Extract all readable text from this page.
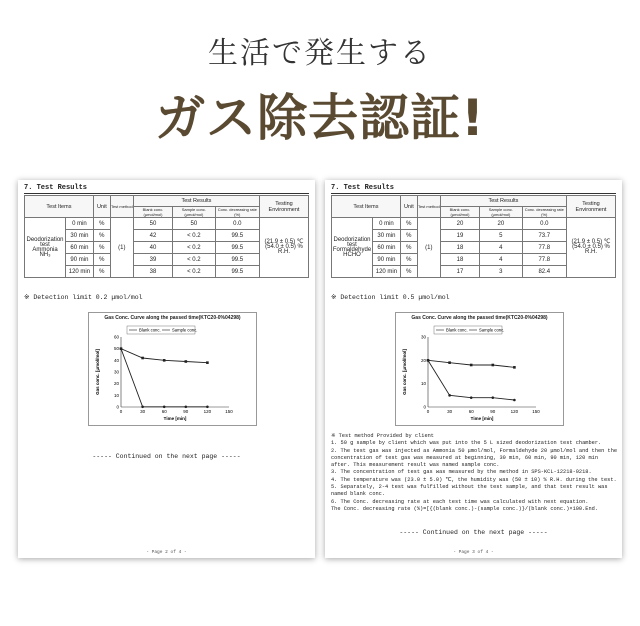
生活で発生する
ガス除去認証!
7. Test Results
Test Items		Unit	Test method	Test Results			Testing Environment
				Blank conc. (μmol/mol)	Sample conc. (μmol/mol)	Conc. decreasing rate (%)	

Deodorization
test
Ammonia
NH₃	0 min	%	(1)	50	50	0.0	(21.9 ± 0.5) ℃ (54.0 ± 0.5) % R.H.
	30 min	%		42	< 0.2	99.5	
	60 min	%		40	< 0.2	99.5	
	90 min	%		39	< 0.2	99.5	
	120 min	%		38	< 0.2	99.5	
※ Detection limit 0.2 μmol/mol
Gas Conc. Curve along the passed time(KTC20-0%04298)
0
10
20
30
40
50
60
0	30	60	90	120	150
Time [min]
Gas conc. [μmol/mol]
Blank conc.	Sample conc.
----- Continued on the next page -----
- Page 2 of 4 -
7. Test Results
Test Items		Unit	Test method	Test Results			Testing Environment
				Blank conc. (μmol/mol)	Sample conc. (μmol/mol)	Conc. decreasing rate (%)	

Deodorization
test
Formaldehyde
HCHO	0 min	%	(1)	20	20	0.0	(21.9 ± 0.5) ℃ (54.0 ± 0.5) % R.H.
	30 min	%		19	5	73.7	
	60 min	%		18	4	77.8	
	90 min	%		18	4	77.8	
	120 min	%		17	3	82.4	
※ Detection limit 0.5 μmol/mol
Gas Conc. Curve along the passed time(KTC20-0%04298)
0
10
20
30
0	30	60	90	120	150
Time [min]
Gas conc. [μmol/mol]
Blank conc.	Sample conc.
※ Test method Provided by client
1. 50 g sample by client which was put into the 5 L sized deodorization test chamber.
2. The test gas was injected as Ammonia 50 μmol/mol, Formaldehyde 20 μmol/mol and then the
concentration of test gas was measured at beginning, 30 min, 60 min, 90 min, 120 min
after. This measurement result was named sample conc.
3. The concentration of test gas was measured by the method in SPS-KCL-12218-0218.
4. The temperature was (23.0 ± 5.0) ℃, the humidity was (50 ± 10) % R.H. during the test.
5. Separately, 2-4 test was fulfilled without the test sample, and that test result was
named blank conc.
6. The Conc. decreasing rate at each test time was calculated with next equation.
The Conc. decreasing rate (%)=[{(blank conc.)-(sample conc.)}/(blank conc.)×100.End.
----- Continued on the next page -----
- Page 3 of 4 -
